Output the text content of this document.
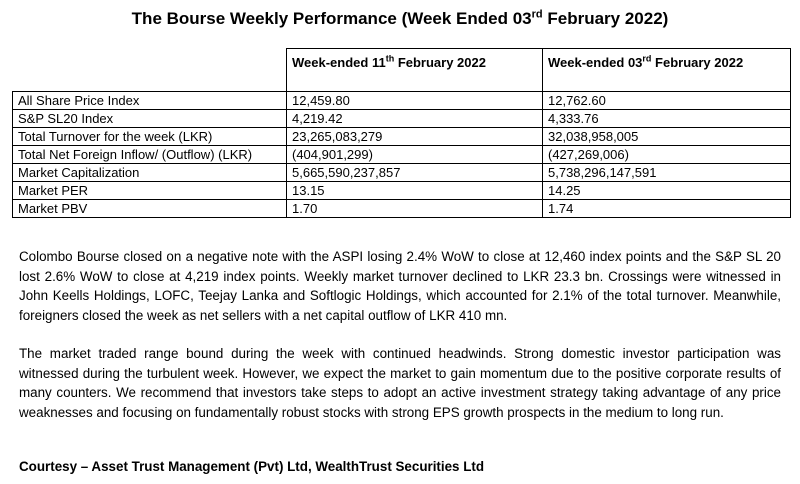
The Bourse Weekly Performance (Week Ended 03rd February 2022)
	Week-ended 11th February 2022	Week-ended 03rd February 2022
All Share Price Index	12,459.80	12,762.60
S&P SL20 Index	4,219.42	4,333.76
Total Turnover for the week (LKR)	23,265,083,279	32,038,958,005
Total Net Foreign Inflow/ (Outflow) (LKR)	(404,901,299)	(427,269,006)
Market Capitalization	5,665,590,237,857	5,738,296,147,591
Market PER	13.15	14.25
Market PBV	1.70	1.74

Colombo Bourse closed on a negative note with the ASPI losing 2.4% WoW to close at 12,460 index points and the S&P SL 20 lost 2.6% WoW to close at 4,219 index points. Weekly market turnover declined to LKR 23.3 bn. Crossings were witnessed in John Keells Holdings, LOFC, Teejay Lanka and Softlogic Holdings, which accounted for 2.1% of the total turnover. Meanwhile, foreigners closed the week as net sellers with a net capital outflow of LKR 410 mn.

The market traded range bound during the week with continued headwinds. Strong domestic investor participation was witnessed during the turbulent week. However, we expect the market to gain momentum due to the positive corporate results of many counters. We recommend that investors take steps to adopt an active investment strategy taking advantage of any price weaknesses and focusing on fundamentally robust stocks with strong EPS growth prospects in the medium to long run.

Courtesy – Asset Trust Management (Pvt) Ltd, WealthTrust Securities Ltd
